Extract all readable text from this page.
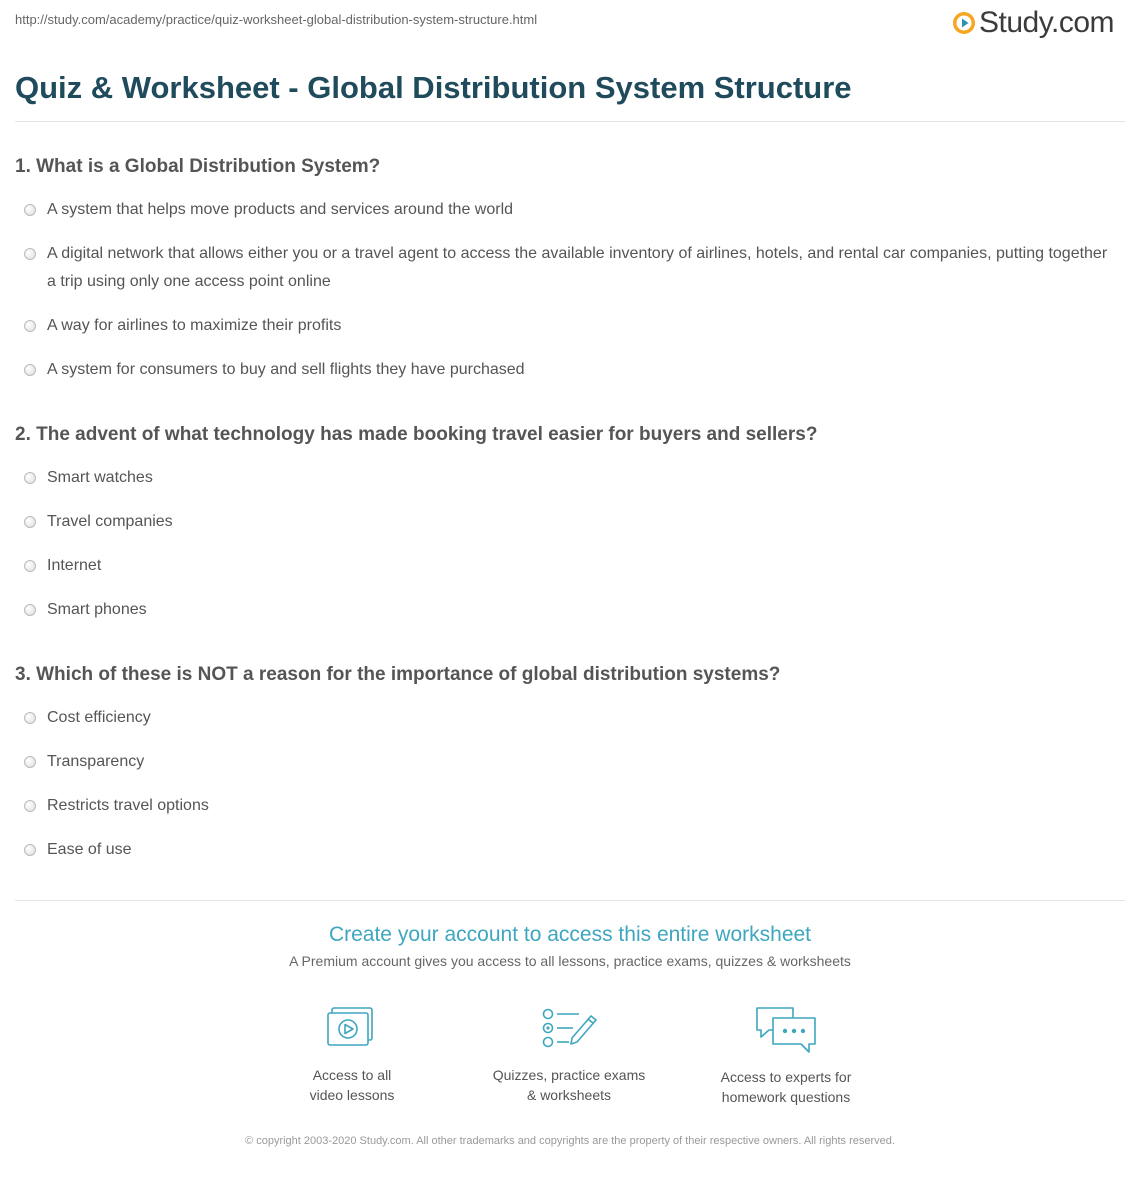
http://study.com/academy/practice/quiz-worksheet-global-distribution-system-structure.html	Study.com
Quiz & Worksheet - Global Distribution System Structure
1. What is a Global Distribution System?
A system that helps move products and services around the world
A digital network that allows either you or a travel agent to access the available inventory of airlines, hotels, and rental car companies, putting together a trip using only one access point online
A way for airlines to maximize their profits
A system for consumers to buy and sell flights they have purchased
2. The advent of what technology has made booking travel easier for buyers and sellers?
Smart watches
Travel companies
Internet
Smart phones
3. Which of these is NOT a reason for the importance of global distribution systems?
Cost efficiency
Transparency
Restricts travel options
Ease of use
Create your account to access this entire worksheet
A Premium account gives you access to all lessons, practice exams, quizzes & worksheets
Access to all
video lessons
Quizzes, practice exams
& worksheets
Access to experts for
homework questions
© copyright 2003-2020 Study.com. All other trademarks and copyrights are the property of their respective owners. All rights reserved.
